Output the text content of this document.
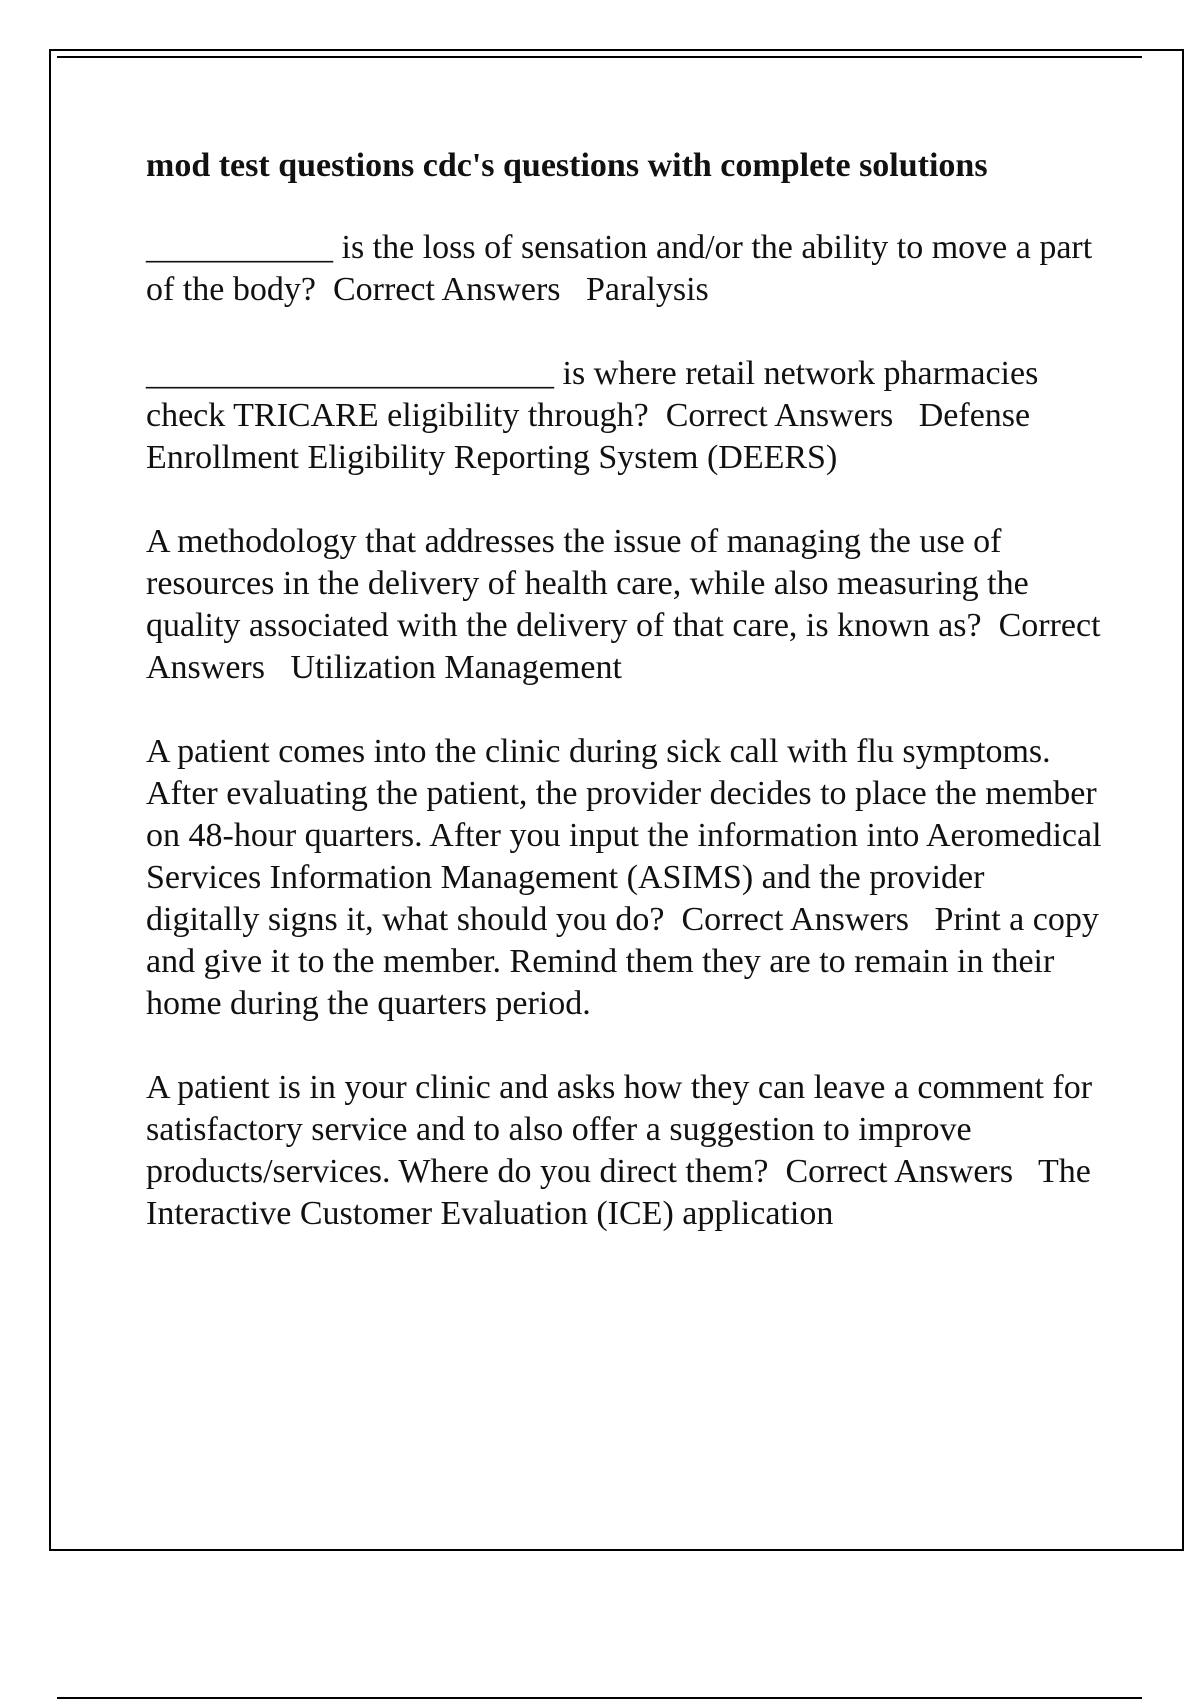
mod test questions cdc's questions with complete solutions

___________ is the loss of sensation and/or the ability to move a part of the body? Correct Answers Paralysis

________________________ is where retail network pharmacies check TRICARE eligibility through? Correct Answers Defense Enrollment Eligibility Reporting System (DEERS)

A methodology that addresses the issue of managing the use of resources in the delivery of health care, while also measuring the quality associated with the delivery of that care, is known as? Correct Answers Utilization Management

A patient comes into the clinic during sick call with flu symptoms. After evaluating the patient, the provider decides to place the member on 48-hour quarters. After you input the information into Aeromedical Services Information Management (ASIMS) and the provider digitally signs it, what should you do? Correct Answers Print a copy and give it to the member. Remind them they are to remain in their home during the quarters period.

A patient is in your clinic and asks how they can leave a comment for satisfactory service and to also offer a suggestion to improve products/services. Where do you direct them? Correct Answers The Interactive Customer Evaluation (ICE) application
